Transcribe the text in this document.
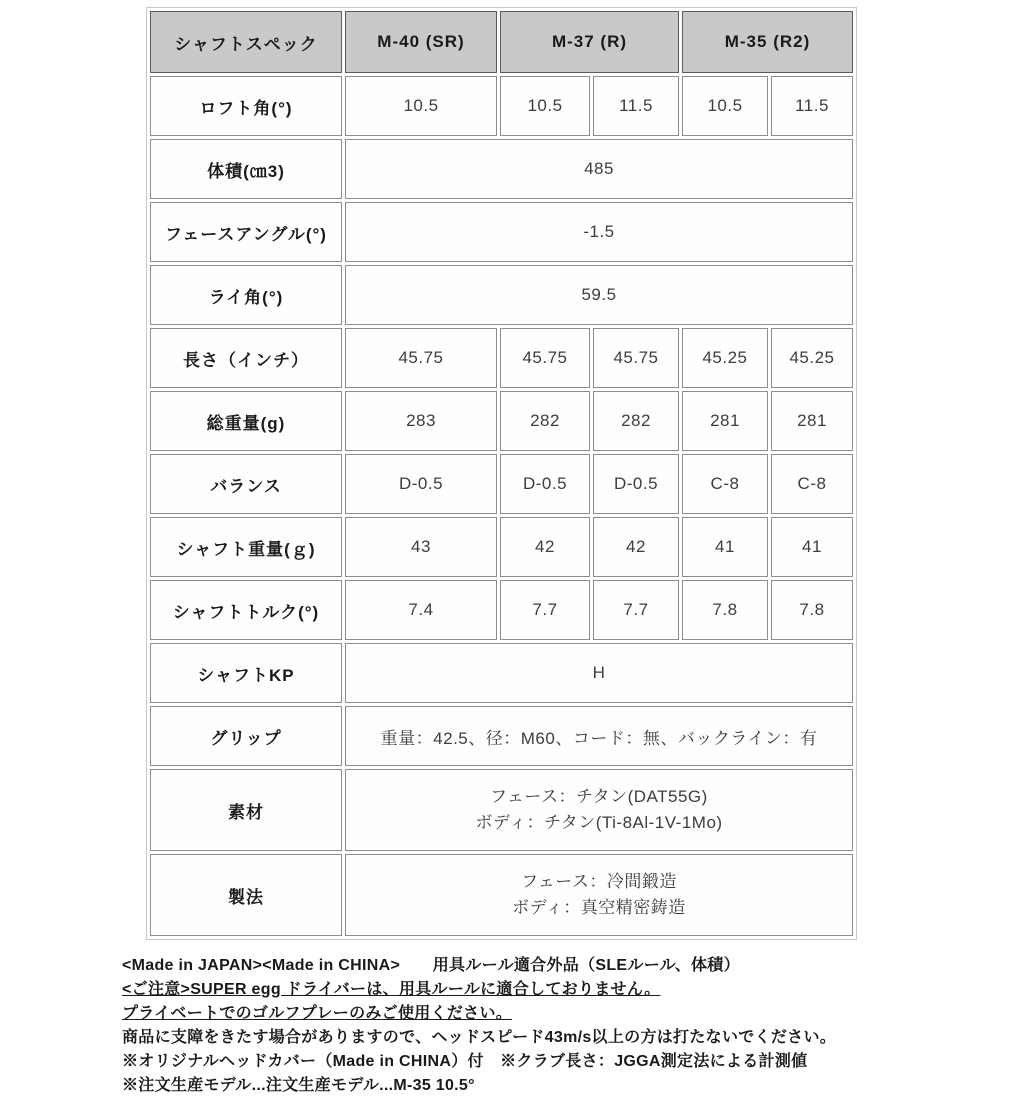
シャフトスペック	M-40 (SR)	M-37 (R)		M-35 (R2)	
ロフト角(°)	10.5	10.5	11.5	10.5	11.5
体積(㎝3)	485				
フェースアングル(°)	-1.5				
ライ角(°)	59.5				
長さ（インチ）	45.75	45.75	45.75	45.25	45.25
総重量(g)	283	282	282	281	281
バランス	D-0.5	D-0.5	D-0.5	C-8	C-8
シャフト重量(ｇ)	43	42	42	41	41
シャフトトルク(°)	7.4	7.7	7.7	7.8	7.8
シャフトKP	H				
グリップ	重量：42.5、径：M60、コード：無、バックライン：有				
素材	フェース：チタン(DAT55G)
ボディ：チタン(Ti-8Al-1V-1Mo)				

製法	フェース：冷間鍛造
ボディ：真空精密鋳造				
<Made in JAPAN><Made in CHINA>　　用具ルール適合外品（SLEルール、体積）
<ご注意>SUPER egg ドライバーは、用具ルールに適合しておりません。
プライベートでのゴルフプレーのみご使用ください。
商品に支障をきたす場合がありますので、ヘッドスピード43m/s以上の方は打たないでください。
※オリジナルヘッドカバー（Made in CHINA）付　※クラブ長さ：JGGA測定法による計測値
※注文生産モデル...注文生産モデル...M-35 10.5°
